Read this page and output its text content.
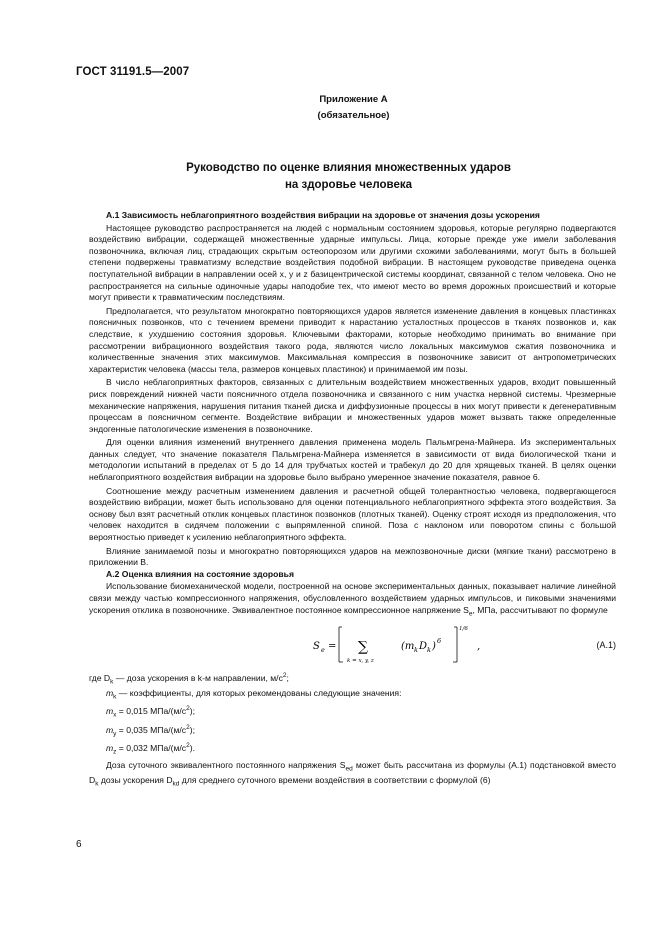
ГОСТ 31191.5—2007
Приложение А
(обязательное)
Руководство по оценке влияния множественных ударов
на здоровье человека

А.1 Зависимость неблагоприятного воздействия вибрации на здоровье от значения дозы ускорения

Настоящее руководство распространяется на людей с нормальным состоянием здоровья, которые регулярно подвергаются воздействию вибрации, содержащей множественные ударные импульсы. Лица, которые прежде уже имели заболевания позвоночника, включая лиц, страдающих скрытым остеопорозом или другими схожими заболеваниями, могут быть в большей степени подвержены травматизму вследствие воздействия подобной вибрации. В настоящем руководстве приведена оценка поступательной вибрации в направлении осей x, y и z базицентрической системы координат, связанной с телом человека. Оно не распространяется на сильные одиночные удары наподобие тех, что имеют место во время дорожных происшествий и которые могут привести к травматическим последствиям.

Предполагается, что результатом многократно повторяющихся ударов является изменение давления в концевых пластинках поясничных позвонков, что с течением времени приводит к нарастанию усталостных процессов в тканях позвонков и, как следствие, к ухудшению состояния здоровья. Ключевыми факторами, которые необходимо принимать во внимание при рассмотрении вибрационного воздействия такого рода, являются число локальных максимумов сжатия позвоночника и количественные значения этих максимумов. Максимальная компрессия в позвоночнике зависит от антропометрических характеристик человека (массы тела, размеров концевых пластинок) и принимаемой им позы.

В число неблагоприятных факторов, связанных с длительным воздействием множественных ударов, входит повышенный риск повреждений нижней части поясничного отдела позвоночника и связанного с ним участка нервной системы. Чрезмерные механические напряжения, нарушения питания тканей диска и диффузионные процессы в них могут привести к дегенеративным процессам в поясничном сегменте. Воздействие вибрации и множественных ударов может вызвать также определенные эндогенные патологические изменения в позвоночнике.

Для оценки влияния изменений внутреннего давления применена модель Пальмгрена-Майнера. Из экспериментальных данных следует, что значение показателя Пальмгрена-Майнера изменяется в зависимости от вида биологической ткани и методологии испытаний в пределах от 5 до 14 для трубчатых костей и трабекул до 20 для хрящевых тканей. В целях оценки неблагоприятного воздействия вибрации на здоровье было выбрано умеренное значение показателя, равное 6.

Соотношение между расчетным изменением давления и расчетной общей толерантностью человека, подвергающегося воздействию вибрации, может быть использовано для оценки потенциального неблагоприятного эффекта этого воздействия. За основу был взят расчетный отклик концевых пластинок позвонков (плотных тканей). Оценку строят исходя из предположения, что человек находится в сидячем положении с выпрямленной спиной. Поза с наклоном или поворотом спины с большой вероятностью приведет к усилению неблагоприятного эффекта.

Влияние занимаемой позы и многократно повторяющихся ударов на межпозвоночные диски (мягкие ткани) рассмотрено в приложении В.

А.2 Оценка влияния на состояние здоровья

Использование биомеханической модели, построенной на основе экспериментальных данных, показывает наличие линейной связи между частью компрессионного напряжения, обусловленного воздействием ударных импульсов, и пиковыми значениями ускорения отклика в позвоночнике. Эквивалентное постоянное компрессионное напряжение $S_e$, МПа, рассчитывают по формуле

S e = ∑
k = x, y, z
(m k D k ) 6
1/6
,	(A.1)

где $D_k$ — доза ускорения в k-м направлении, $м/с^2$;

$m_k$ — коэффициенты, для которых рекомендованы следующие значения:

$m_x = 0,015$ МПа/$(м/с^2)$;

$m_y = 0,035$ МПа/$(м/с^2)$;

$m_z = 0,032$ МПа/$(м/с^2)$.

Доза суточного эквивалентного постоянного напряжения $S_{ed}$ может быть рассчитана из формулы (A.1) подстановкой вместо $D_k$ дозы ускорения $D_{kd}$ для среднего суточного времени воздействия в соответствии с формулой (6)

6
